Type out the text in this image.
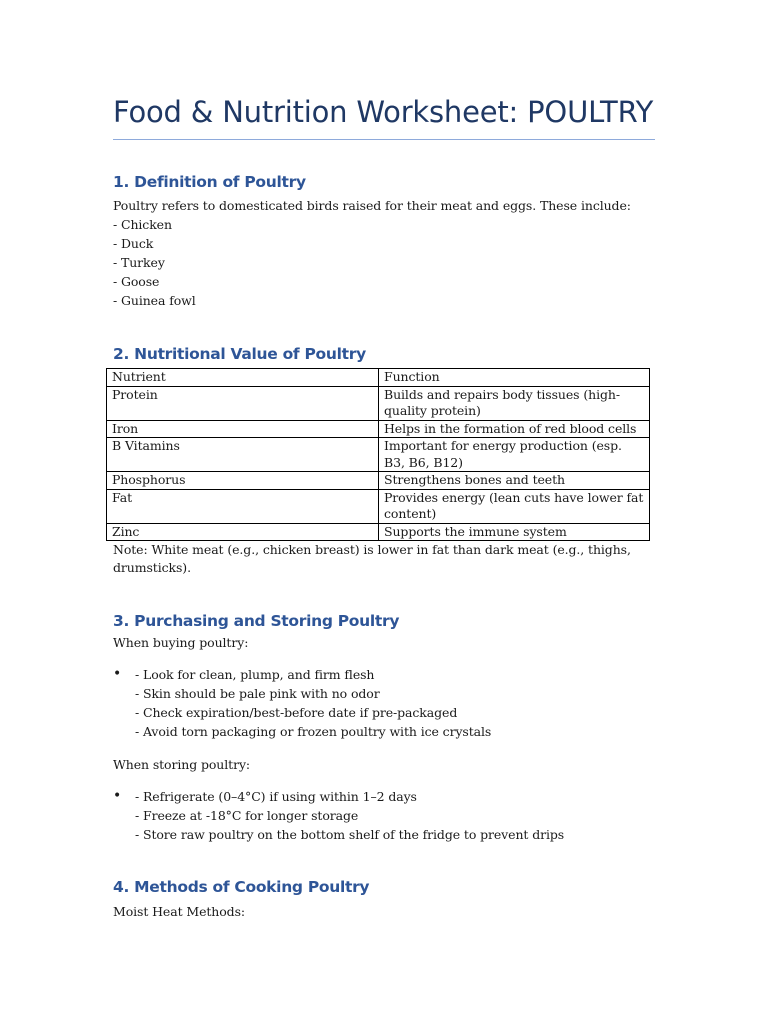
Food & Nutrition Worksheet: POULTRY
1. Definition of Poultry
Poultry refers to domesticated birds raised for their meat and eggs. These include:
- Chicken
- Duck
- Turkey
- Goose
- Guinea fowl
2. Nutritional Value of Poultry
Nutrient	Function
Protein	Builds and repairs body tissues (high-quality protein)
Iron	Helps in the formation of red blood cells
B Vitamins	Important for energy production (esp. B3, B6, B12)
Phosphorus	Strengthens bones and teeth
Fat	Provides energy (lean cuts have lower fat content)
Zinc	Supports the immune system
Note: White meat (e.g., chicken breast) is lower in fat than dark meat (e.g., thighs,
drumsticks).
3. Purchasing and Storing Poultry
When buying poultry:
• - Look for clean, plump, and firm flesh
- Skin should be pale pink with no odor
- Check expiration/best-before date if pre-packaged
- Avoid torn packaging or frozen poultry with ice crystals
When storing poultry:
• - Refrigerate (0–4°C) if using within 1–2 days
- Freeze at -18°C for longer storage
- Store raw poultry on the bottom shelf of the fridge to prevent drips
4. Methods of Cooking Poultry
Moist Heat Methods:
